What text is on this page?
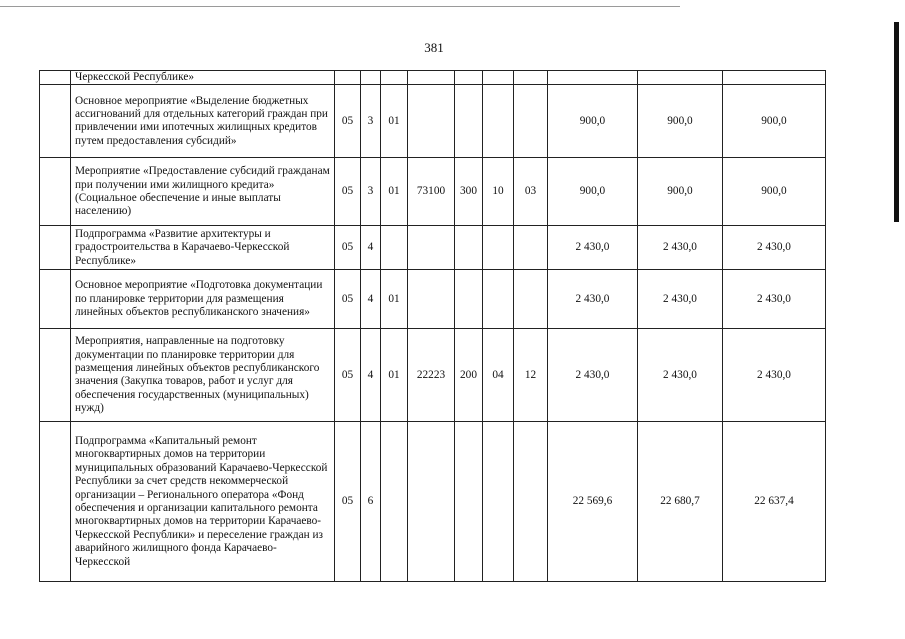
381
	Черкесской Республике»										
	Основное мероприятие «Выделение бюджетных ассигнований для отдельных категорий граждан при привлечении ими ипотечных жилищных кредитов путем предоставления субсидий»	05	3	01					900,0	900,0	900,0
	Мероприятие «Предоставление субсидий гражданам при получении ими жилищного кредита» (Социальное обеспечение и иные выплаты населению)	05	3	01	73100	300	10	03	900,0	900,0	900,0
	Подпрограмма «Развитие архитектуры и градостроительства в Карачаево-Черкесской Республике»	05	4						2 430,0	2 430,0	2 430,0
	Основное мероприятие «Подготовка документации по планировке территории для размещения линейных объектов республиканского значения»	05	4	01					2 430,0	2 430,0	2 430,0
	Мероприятия, направленные на подготовку документации по планировке территории для размещения линейных объектов республиканского значения (Закупка товаров, работ и услуг для обеспечения государственных (муниципальных) нужд)	05	4	01	22223	200	04	12	2 430,0	2 430,0	2 430,0
	Подпрограмма «Капитальный ремонт многоквартирных домов на территории муниципальных образований Карачаево-Черкесской Республики за счет средств некоммерческой организации – Регионального оператора «Фонд обеспечения и организации капитального ремонта многоквартирных домов на территории Карачаево-Черкесской Республики» и переселение граждан из аварийного жилищного фонда Карачаево-Черкесской	05	6						22 569,6	22 680,7	22 637,4
